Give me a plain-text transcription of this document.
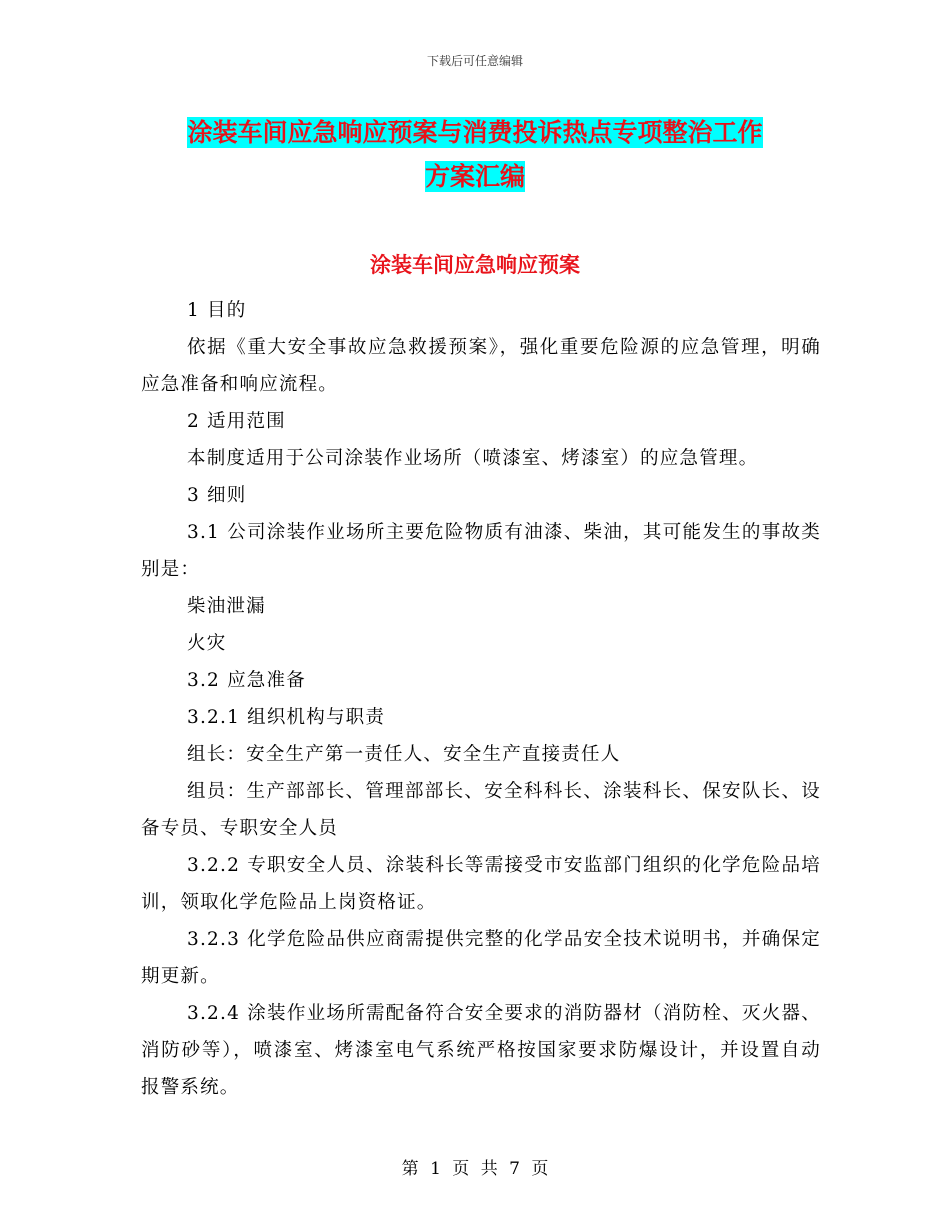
下载后可任意编辑
涂装车间应急响应预案与消费投诉热点专项整治工作
方案汇编
涂装车间应急响应预案

1 目的

依据《重大安全事故应急救援预案》，强化重要危险源的应急管理，明确应急准备和响应流程。

2 适用范围

本制度适用于公司涂装作业场所（喷漆室、烤漆室）的应急管理。

3 细则

3.1 公司涂装作业场所主要危险物质有油漆、柴油，其可能发生的事故类别是：

柴油泄漏

火灾

3.2 应急准备

3.2.1 组织机构与职责

组长：安全生产第一责任人、安全生产直接责任人

组员：生产部部长、管理部部长、安全科科长、涂装科长、保安队长、设备专员、专职安全人员

3.2.2 专职安全人员、涂装科长等需接受市安监部门组织的化学危险品培训，领取化学危险品上岗资格证。

3.2.3 化学危险品供应商需提供完整的化学品安全技术说明书，并确保定期更新。

3.2.4 涂装作业场所需配备符合安全要求的消防器材（消防栓、灭火器、消防砂等），喷漆室、烤漆室电气系统严格按国家要求防爆设计，并设置自动报警系统。

第 1 页 共 7 页
